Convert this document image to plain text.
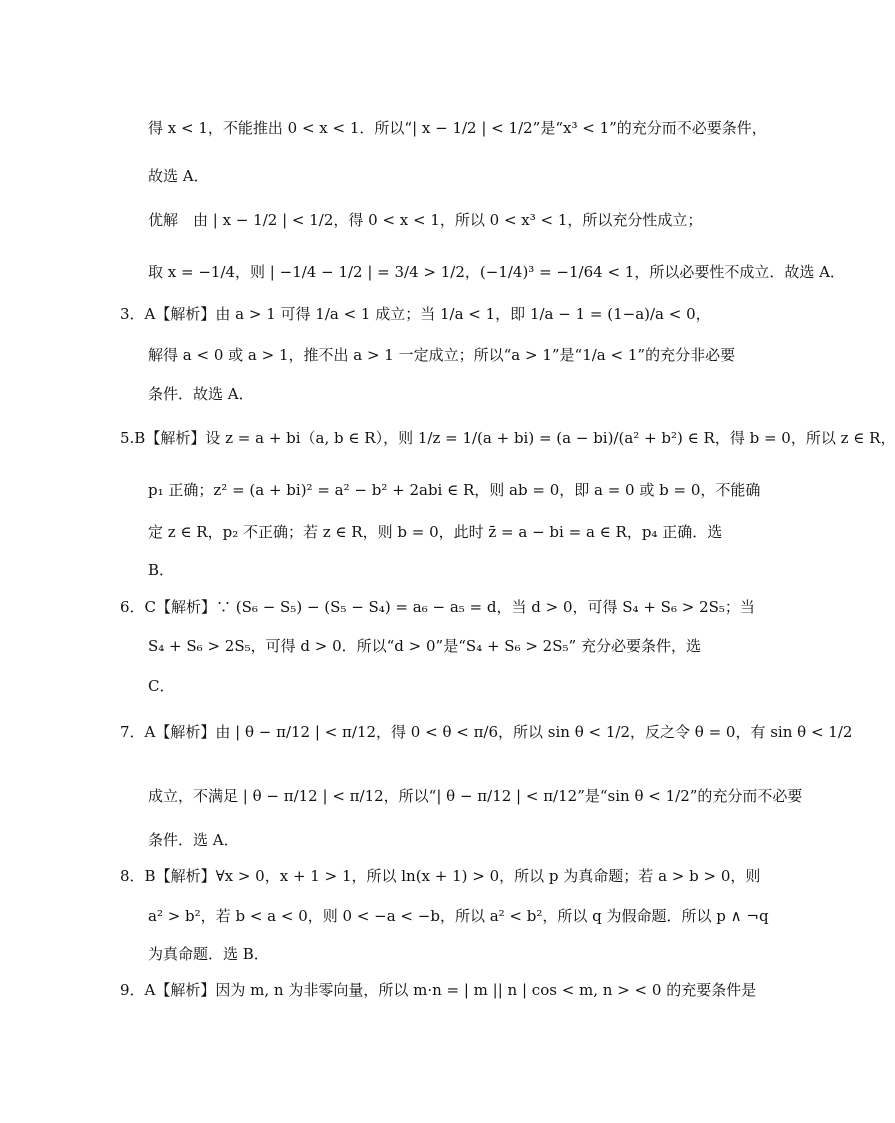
得 x < 1，不能推出 0 < x < 1．所以“| x − 1/2 | < 1/2”是“x³ < 1”的充分而不必要条件，
故选 A．
优解　由 | x − 1/2 | < 1/2，得 0 < x < 1，所以 0 < x³ < 1，所以充分性成立；
取 x = −1/4，则 | −1/4 − 1/2 | = 3/4 > 1/2，(−1/4)³ = −1/64 < 1，所以必要性不成立．故选 A．
3．A【解析】由 a > 1 可得 1/a < 1 成立；当 1/a < 1，即 1/a − 1 = (1−a)/a < 0，
解得 a < 0 或 a > 1，推不出 a > 1 一定成立；所以“a > 1”是“1/a < 1”的充分非必要
条件．故选 A．
5.B【解析】设 z = a + bi（a, b ∈ R），则 1/z = 1/(a + bi) = (a − bi)/(a² + b²) ∈ R，得 b = 0，所以 z ∈ R，
p₁ 正确；z² = (a + bi)² = a² − b² + 2abi ∈ R，则 ab = 0，即 a = 0 或 b = 0，不能确
定 z ∈ R，p₂ 不正确；若 z ∈ R，则 b = 0，此时 z̄ = a − bi = a ∈ R，p₄ 正确．选
B．
6．C【解析】∵ (S₆ − S₅) − (S₅ − S₄) = a₆ − a₅ = d，当 d > 0，可得 S₄ + S₆ > 2S₅；当
S₄ + S₆ > 2S₅，可得 d > 0．所以“d > 0”是“S₄ + S₆ > 2S₅” 充分必要条件，选
C．
7．A【解析】由 | θ − π/12 | < π/12，得 0 < θ < π/6，所以 sin θ < 1/2，反之令 θ = 0，有 sin θ < 1/2
成立，不满足 | θ − π/12 | < π/12，所以“| θ − π/12 | < π/12”是“sin θ < 1/2”的充分而不必要
条件．选 A．
8．B【解析】∀x > 0，x + 1 > 1，所以 ln(x + 1) > 0，所以 p 为真命题；若 a > b > 0，则
a² > b²，若 b < a < 0，则 0 < −a < −b，所以 a² < b²，所以 q 为假命题．所以 p ∧ ¬q
为真命题．选 B．
9．A【解析】因为 m, n 为非零向量，所以 m·n = | m || n | cos < m, n > < 0 的充要条件是
